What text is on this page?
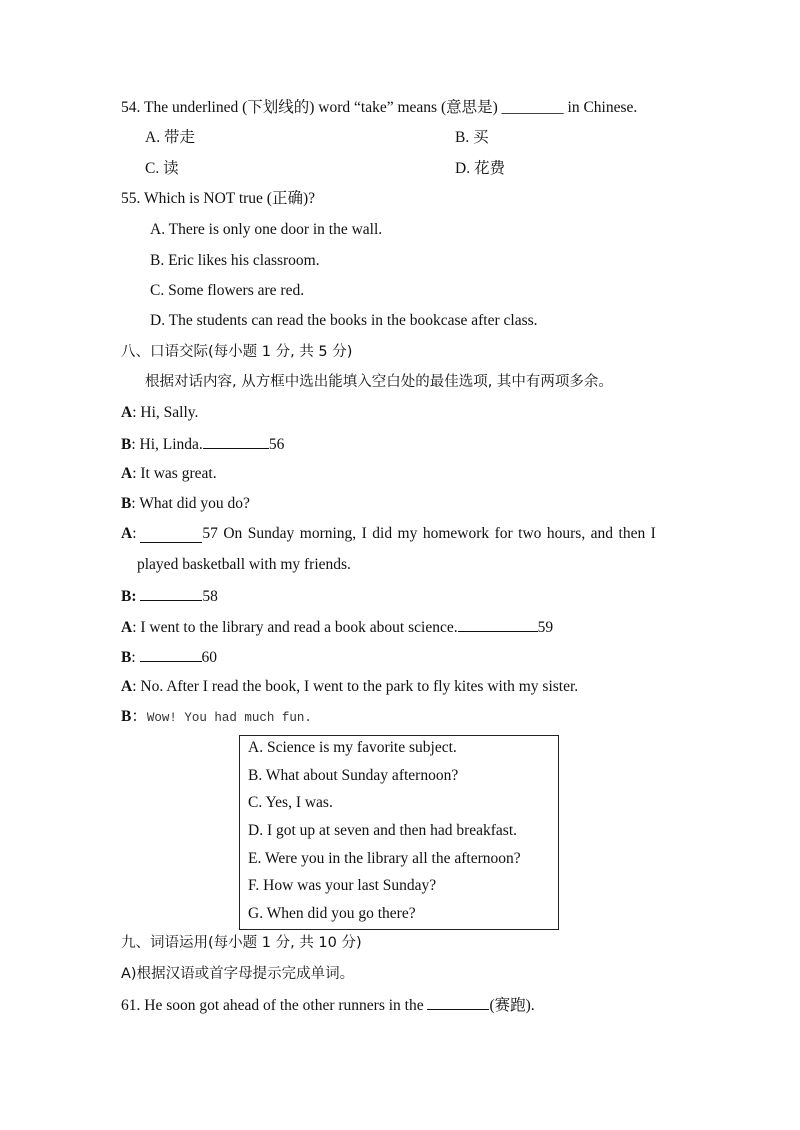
54. The underlined (下划线的) word “take” means (意思是) ________ in Chinese.
A. 带走	B. 买
C. 读	D. 花费
55. Which is NOT true (正确)?
A. There is only one door in the wall.
B. Eric likes his classroom.
C. Some flowers are red.
D. The students can read the books in the bookcase after class.
八、口语交际(每小题 1 分, 共 5 分)
根据对话内容, 从方框中选出能填入空白处的最佳选项, 其中有两项多余。
A: Hi, Sally.
B: Hi, Linda.	56
A: It was great.
B: What did you do?
A :	57 On Sunday morning, I did my homework for two hours, and then I
played basketball with my friends.
B:	58
A: I went to the library and read a book about science.	59
B:	60
A: No. After I read the book, I went to the park to fly kites with my sister.
B：Wow! You had much fun.
A. Science is my favorite subject.
B. What about Sunday afternoon?
C. Yes, I was.
D. I got up at seven and then had breakfast.
E. Were you in the library all the afternoon?
F. How was your last Sunday?
G. When did you go there?
九、词语运用(每小题 1 分, 共 10 分)
A)根据汉语或首字母提示完成单词。
61. He soon got ahead of the other runners in the	(赛跑).
